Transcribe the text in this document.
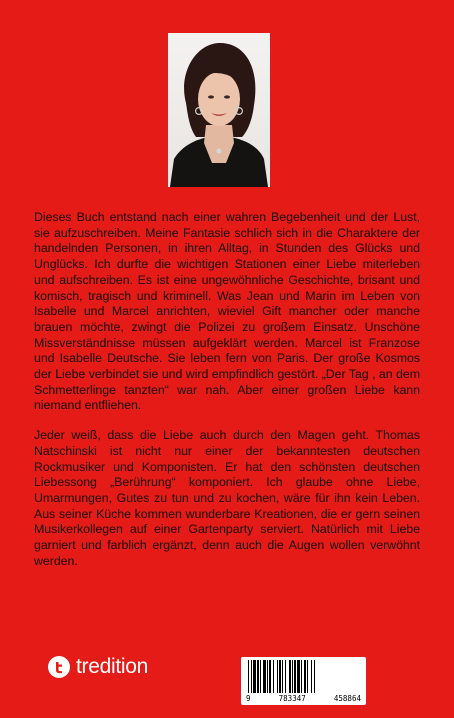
Dieses Buch entstand nach einer wahren Begebenheit und der Lust, sie aufzuschreiben. Meine Fantasie schlich sich in die Charaktere der handelnden Personen, in ihren Alltag, in Stunden des Glücks und Unglücks. Ich durfte die wichtigen Stationen einer Liebe miterleben und aufschreiben. Es ist eine ungewöhnliche Geschichte, brisant und komisch, tragisch und kriminell. Was Jean und Marin im Leben von Isabelle und Marcel anrichten, wieviel Gift mancher oder manche brauen möchte, zwingt die Polizei zu großem Einsatz. Unschöne Missverständnisse müssen aufgeklärt werden. Marcel ist Franzose und Isabelle Deutsche. Sie leben fern von Paris. Der große Kosmos der Liebe verbindet sie und wird empfindlich gestört. „Der Tag , an dem Schmetterlinge tanzten“ war nah. Aber einer großen Liebe kann niemand entfliehen.

Jeder weiß, dass die Liebe auch durch den Magen geht. Thomas Natschinski ist nicht nur einer der bekanntesten deutschen Rockmusiker und Komponisten. Er hat den schönsten deutschen Liebessong „Berührung“ komponiert. Ich glaube ohne Liebe, Umarmungen, Gutes zu tun und zu kochen, wäre für ihn kein Leben. Aus seiner Küche kommen wunderbare Kreationen, die er gern seinen Musikerkollegen auf einer Gartenparty serviert. Natürlich mit Liebe garniert und farblich ergänzt, denn auch die Augen wollen verwöhnt werden.

tredition
9	783347	458864
